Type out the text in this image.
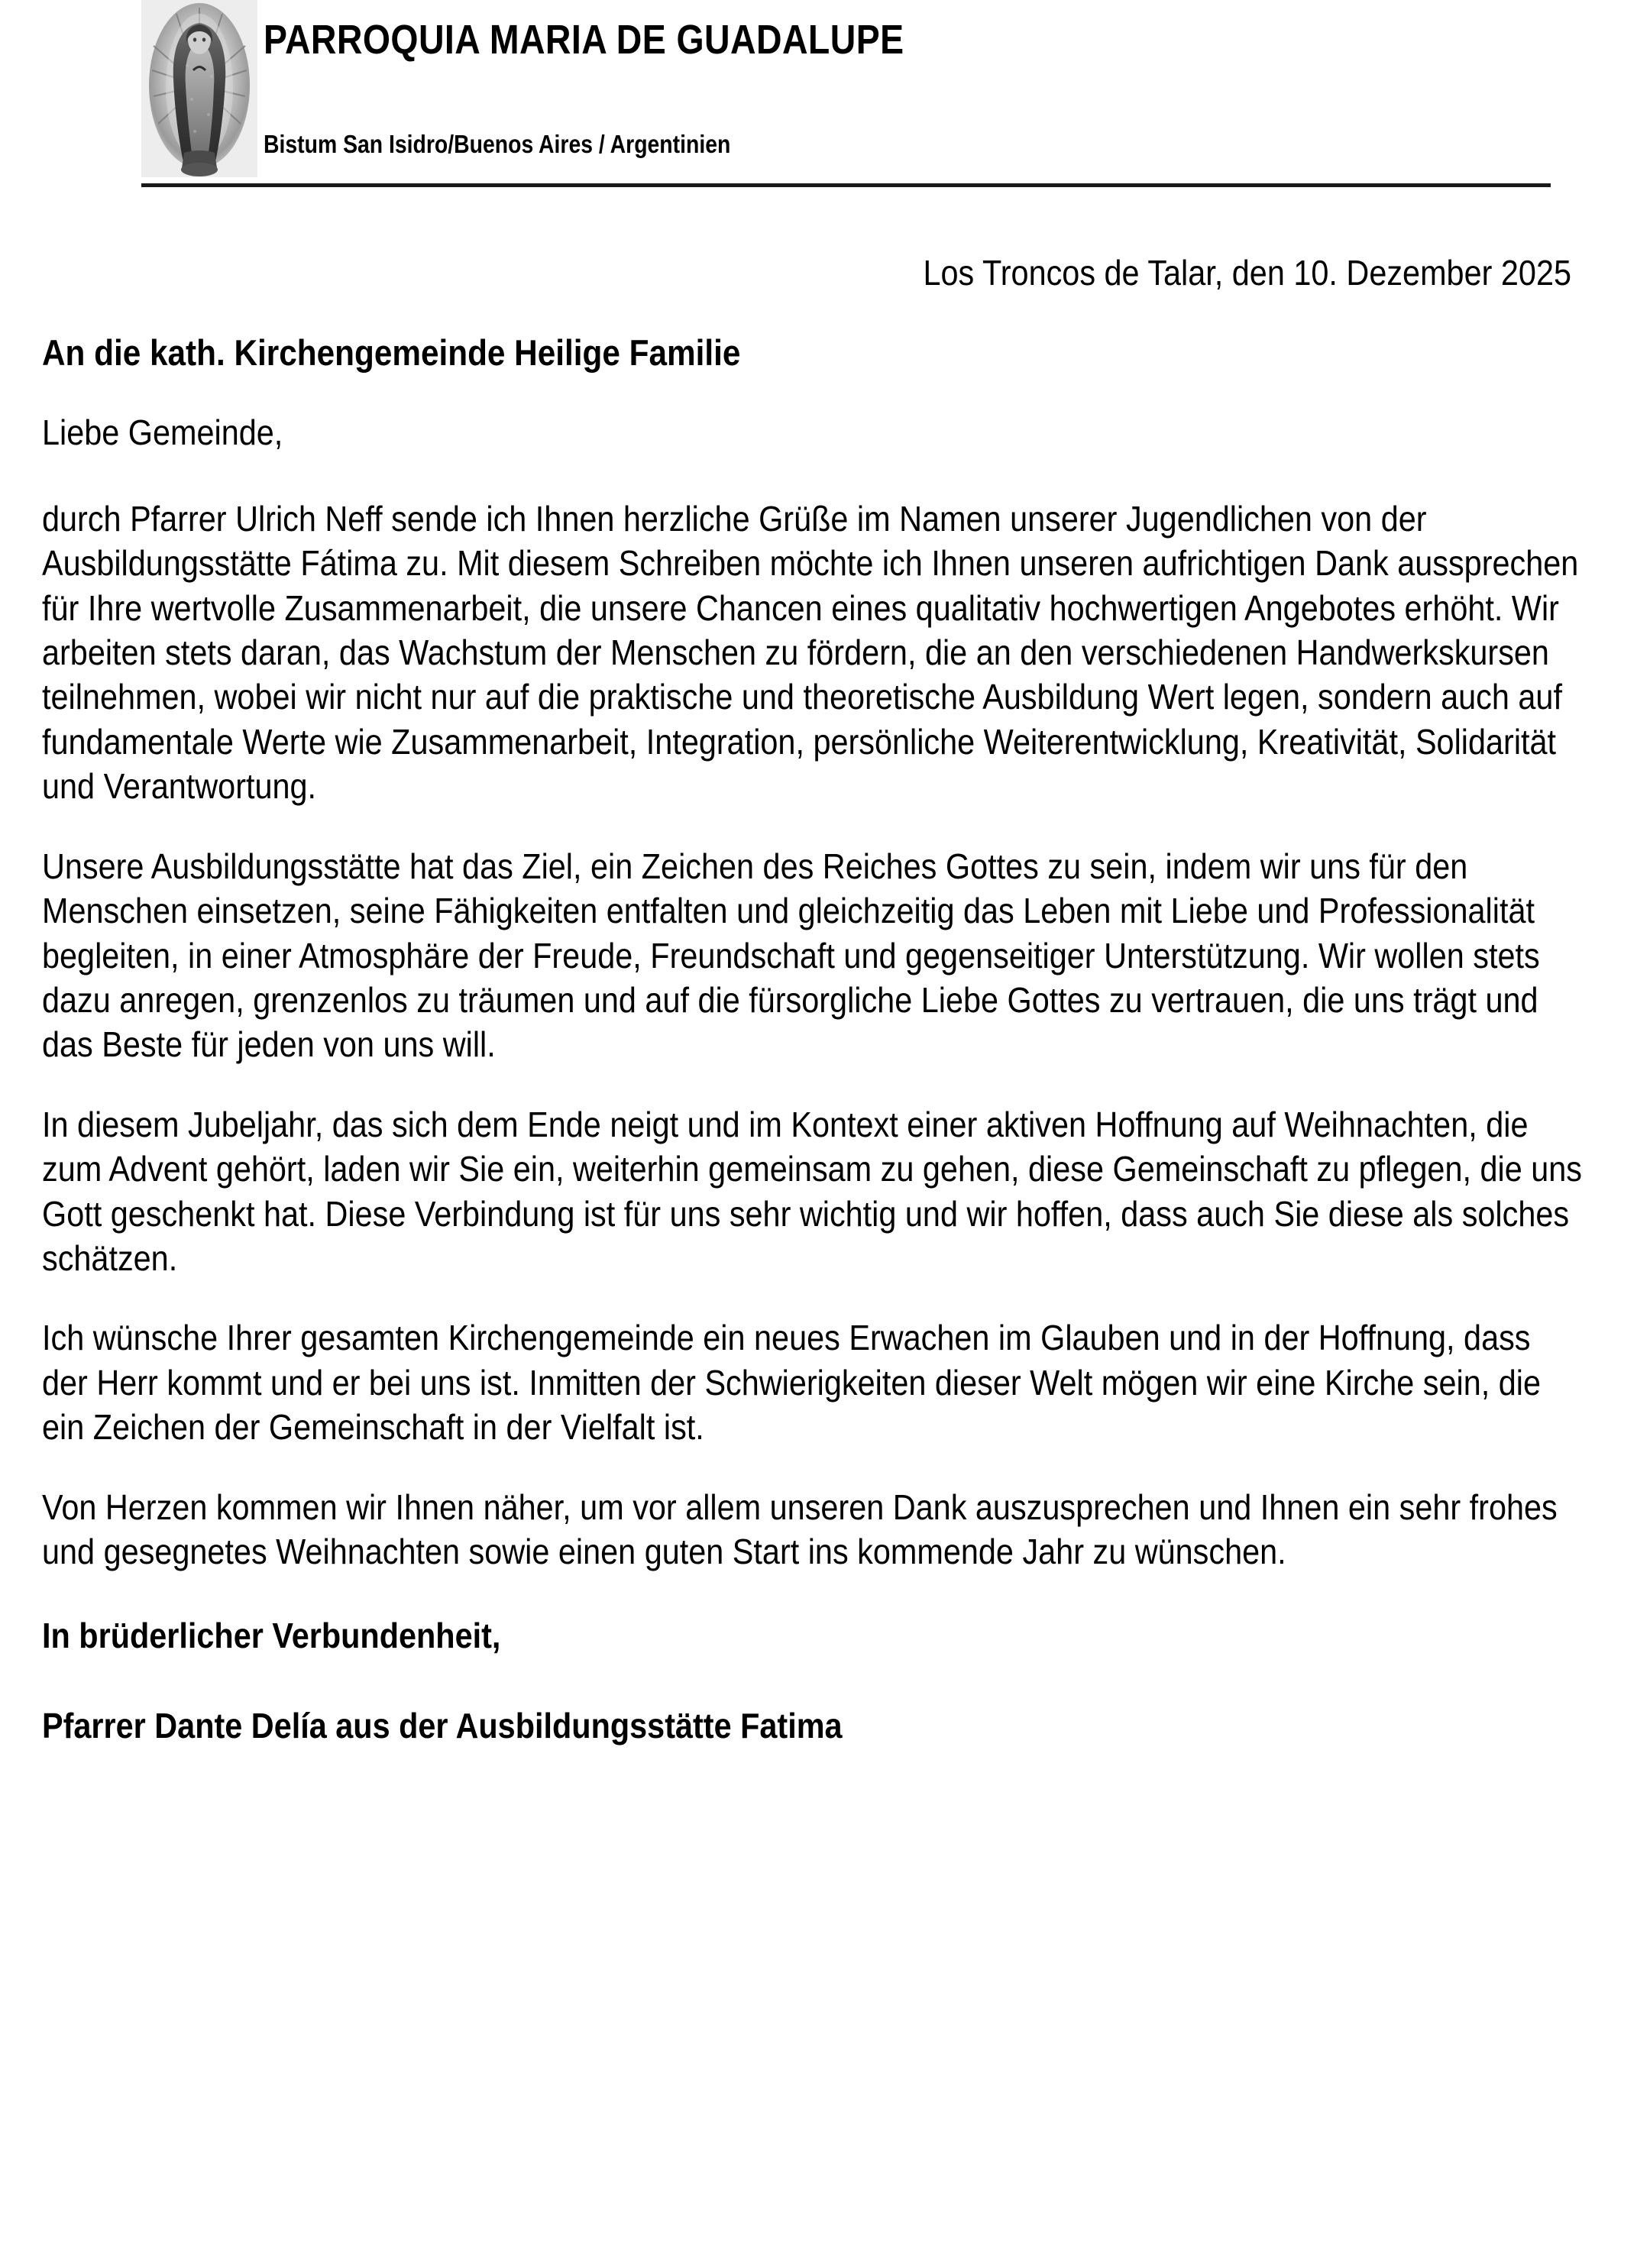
PARROQUIA MARIA DE GUADALUPE
Bistum San Isidro/Buenos Aires / Argentinien
Los Troncos de Talar, den 10. Dezember 2025
An die kath. Kirchengemeinde Heilige Familie
Liebe Gemeinde,

durch Pfarrer Ulrich Neff sende ich Ihnen herzliche Grüße im Namen unserer Jugendlichen von der Ausbildungsstätte Fátima zu. Mit diesem Schreiben möchte ich Ihnen unseren aufrichtigen Dank aussprechen für Ihre wertvolle Zusammenarbeit, die unsere Chancen eines qualitativ hochwertigen Angebotes erhöht. Wir arbeiten stets daran, das Wachstum der Menschen zu fördern, die an den verschiedenen Handwerkskursen teilnehmen, wobei wir nicht nur auf die praktische und theoretische Ausbildung Wert legen, sondern auch auf fundamentale Werte wie Zusammenarbeit, Integration, persönliche Weiterentwicklung, Kreativität, Solidarität und Verantwortung.

Unsere Ausbildungsstätte hat das Ziel, ein Zeichen des Reiches Gottes zu sein, indem wir uns für den Menschen einsetzen, seine Fähigkeiten entfalten und gleichzeitig das Leben mit Liebe und Professionalität begleiten, in einer Atmosphäre der Freude, Freundschaft und gegenseitiger Unterstützung. Wir wollen stets dazu anregen, grenzenlos zu träumen und auf die fürsorgliche Liebe Gottes zu vertrauen, die uns trägt und das Beste für jeden von uns will.

In diesem Jubeljahr, das sich dem Ende neigt und im Kontext einer aktiven Hoffnung auf Weihnachten, die zum Advent gehört, laden wir Sie ein, weiterhin gemeinsam zu gehen, diese Gemeinschaft zu pflegen, die uns Gott geschenkt hat. Diese Verbindung ist für uns sehr wichtig und wir hoffen, dass auch Sie diese als solches schätzen.

Ich wünsche Ihrer gesamten Kirchengemeinde ein neues Erwachen im Glauben und in der Hoffnung, dass der Herr kommt und er bei uns ist. Inmitten der Schwierigkeiten dieser Welt mögen wir eine Kirche sein, die ein Zeichen der Gemeinschaft in der Vielfalt ist.

Von Herzen kommen wir Ihnen näher, um vor allem unseren Dank auszusprechen und Ihnen ein sehr frohes und gesegnetes Weihnachten sowie einen guten Start ins kommende Jahr zu wünschen.

In brüderlicher Verbundenheit,
Pfarrer Dante Delía aus der Ausbildungsstätte Fatima
